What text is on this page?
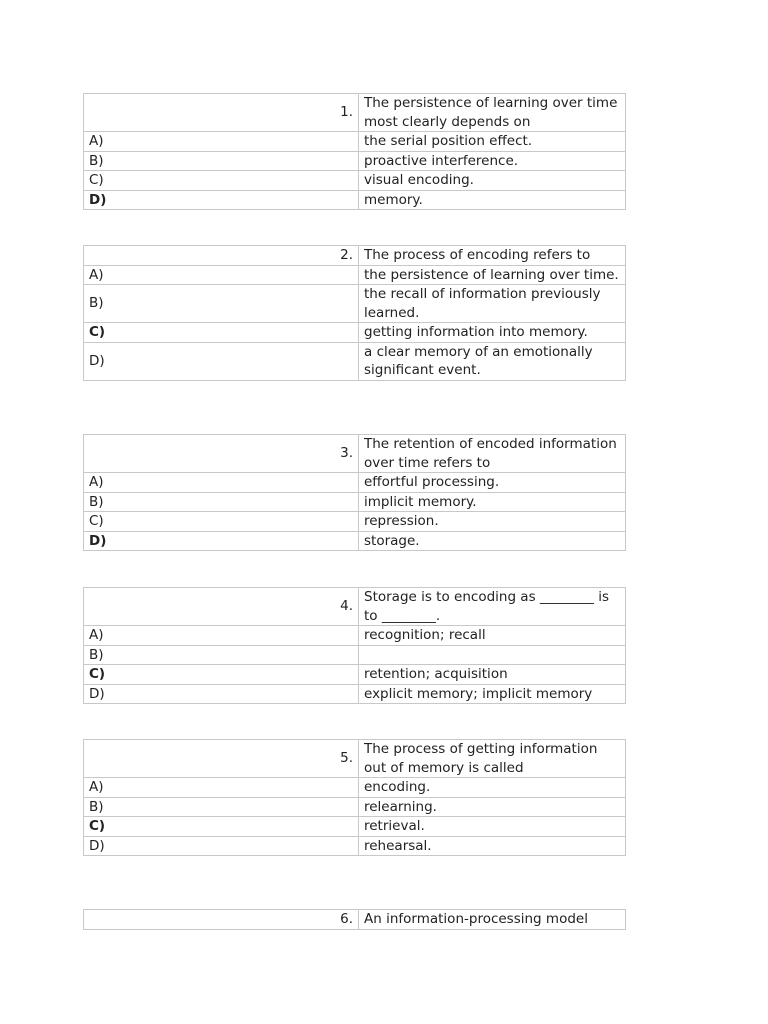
1.	The persistence of learning over time most clearly depends on
A)	the serial position effect.
B)	proactive interference.
C)	visual encoding.
D)	memory.
2.	The process of encoding refers to
A)	the persistence of learning over time.
B)	the recall of information previously learned.
C)	getting information into memory.
D)	a clear memory of an emotionally significant event.
3.	The retention of encoded information over time refers to
A)	effortful processing.
B)	implicit memory.
C)	repression.
D)	storage.
4.	Storage is to encoding as ________ is to ________.
A)	recognition; recall
B)	
C)	retention; acquisition
D)	explicit memory; implicit memory
5.	The process of getting information out of memory is called
A)	encoding.
B)	relearning.
C)	retrieval.
D)	rehearsal.
6.	An information-processing model
